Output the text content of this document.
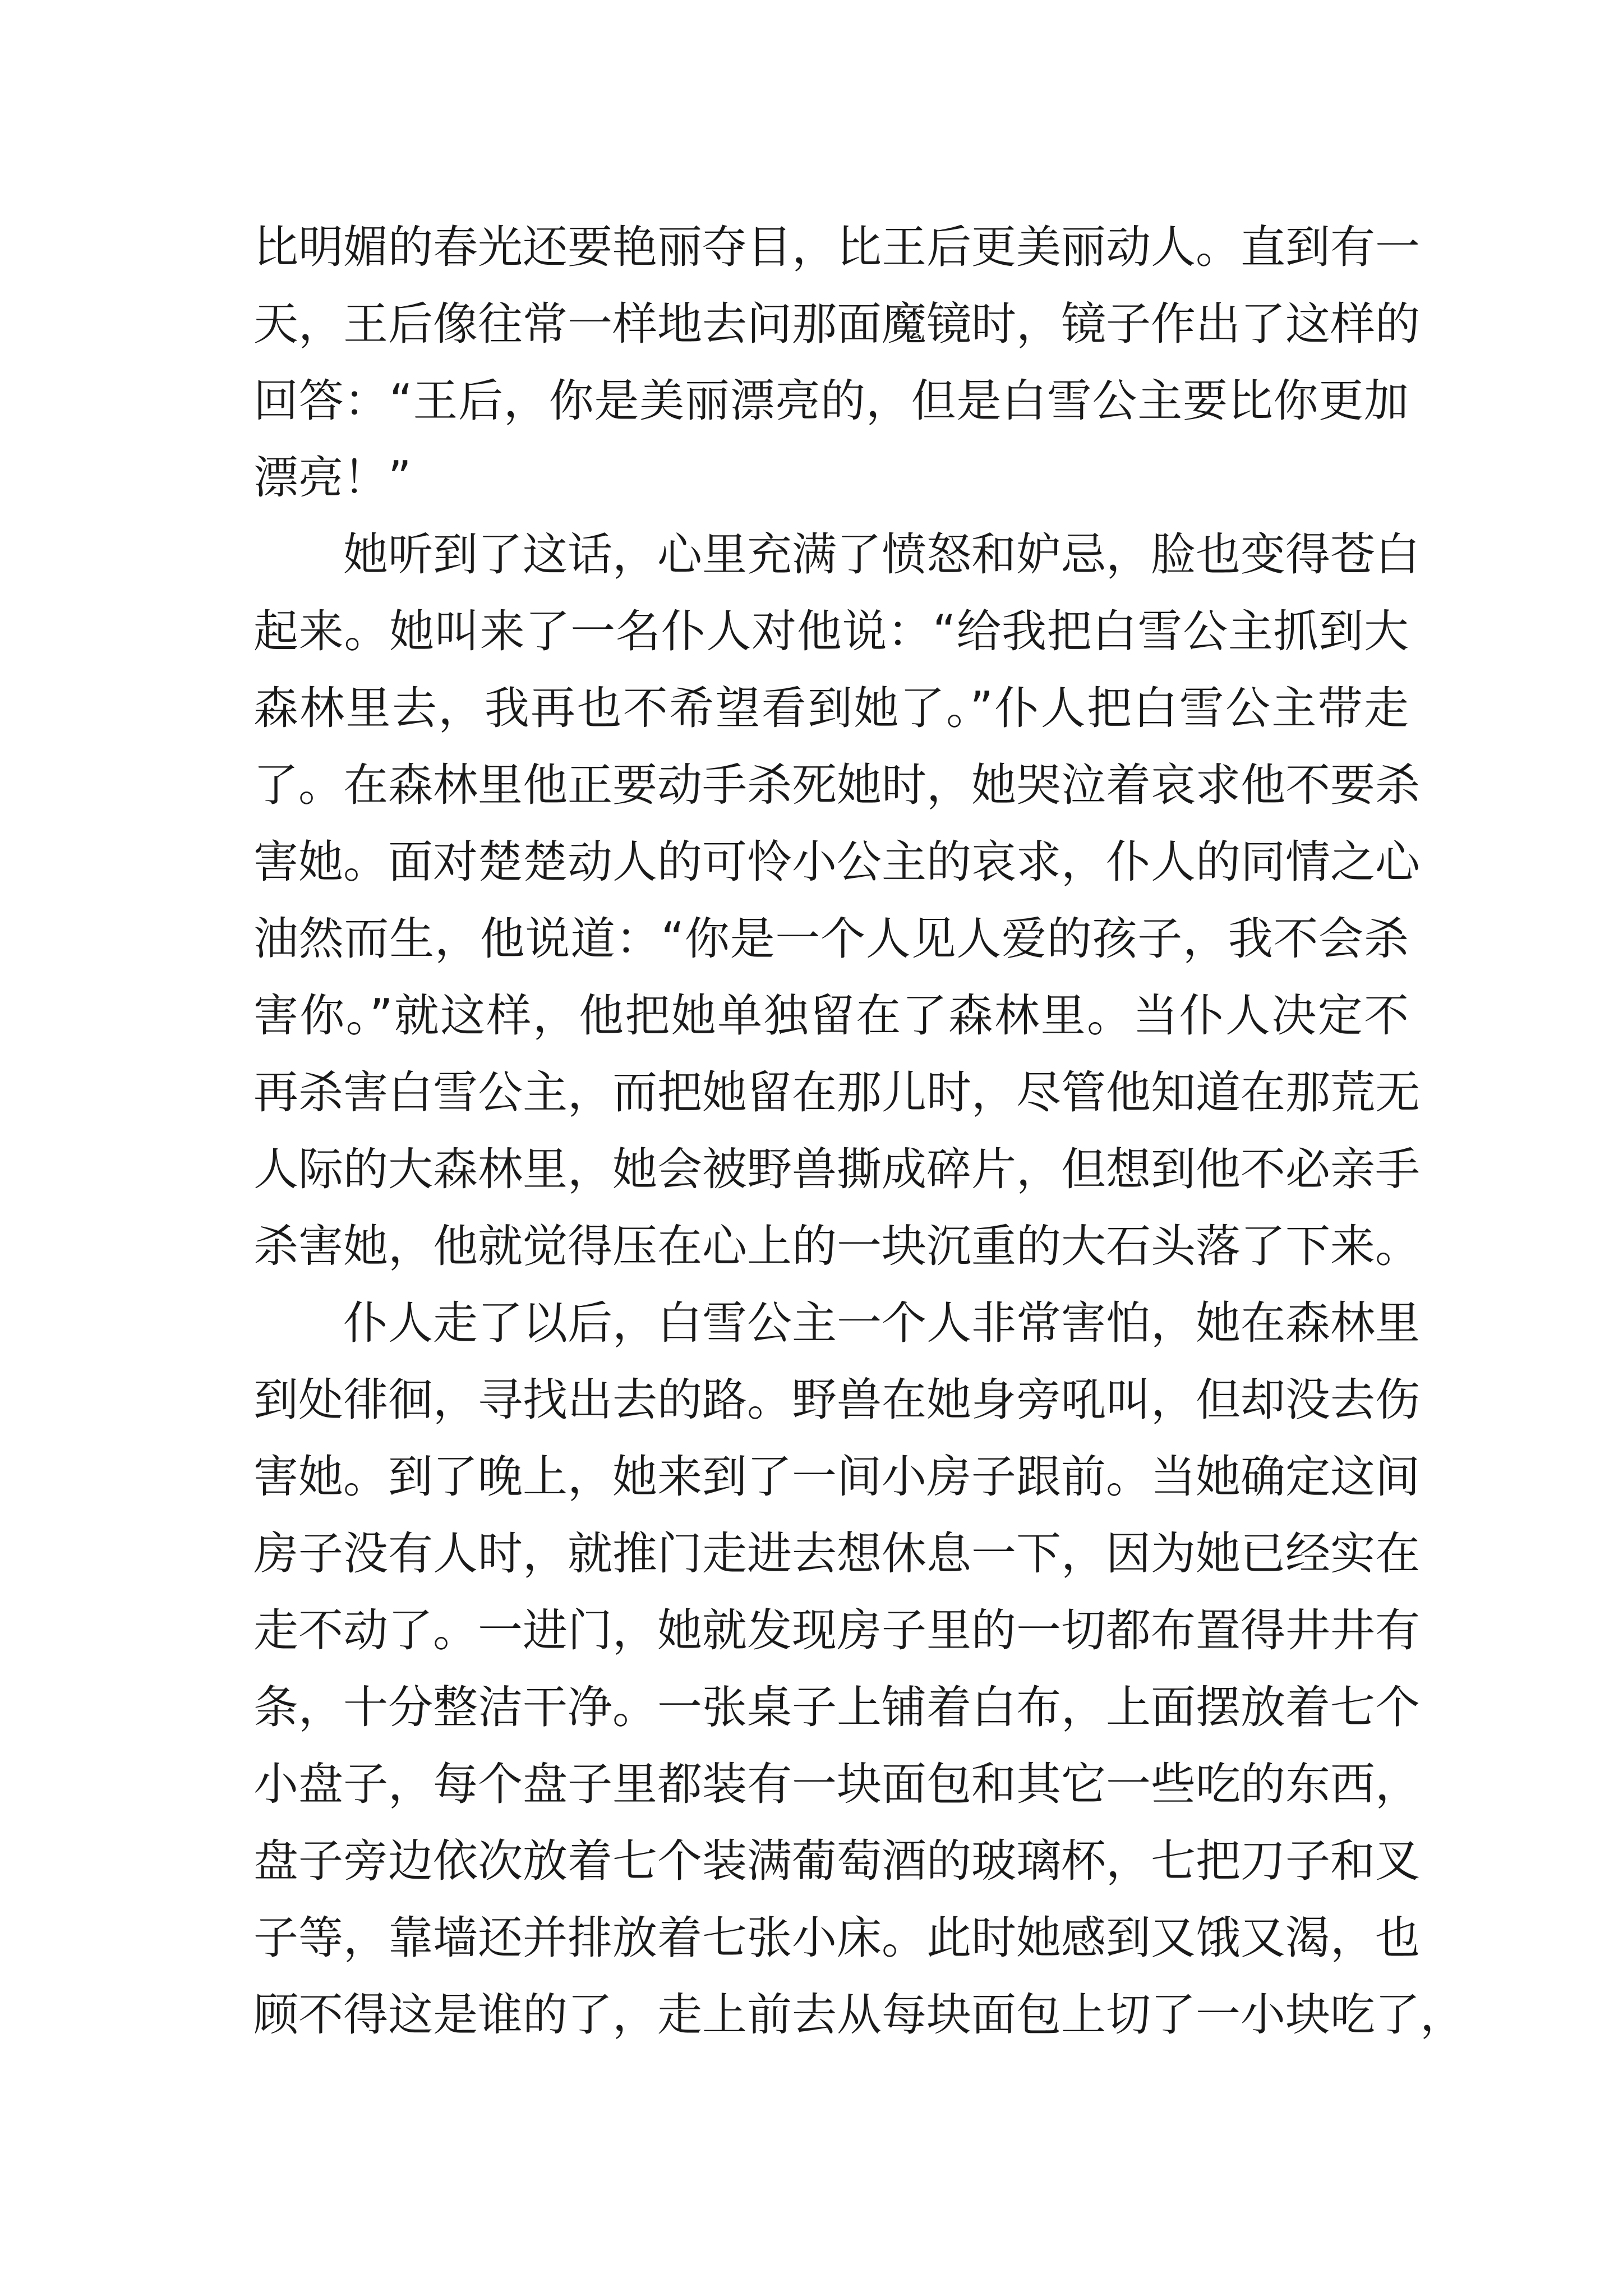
比明媚的春光还要艳丽夺目，比王后更美丽动人。直到有一
天，王后像往常一样地去问那面魔镜时，镜子作出了这样的
回答：“王后，你是美丽漂亮的，但是白雪公主要比你更加
漂亮！”
她听到了这话，心里充满了愤怒和妒忌，脸也变得苍白
起来。她叫来了一名仆人对他说：“给我把白雪公主抓到大
森林里去，我再也不希望看到她了。”仆人把白雪公主带走
了。在森林里他正要动手杀死她时，她哭泣着哀求他不要杀
害她。面对楚楚动人的可怜小公主的哀求，仆人的同情之心
油然而生，他说道：“你是一个人见人爱的孩子，我不会杀
害你。”就这样，他把她单独留在了森林里。当仆人决定不
再杀害白雪公主，而把她留在那儿时，尽管他知道在那荒无
人际的大森林里，她会被野兽撕成碎片，但想到他不必亲手
杀害她，他就觉得压在心上的一块沉重的大石头落了下来。
仆人走了以后，白雪公主一个人非常害怕，她在森林里
到处徘徊，寻找出去的路。野兽在她身旁吼叫，但却没去伤
害她。到了晚上，她来到了一间小房子跟前。当她确定这间
房子没有人时，就推门走进去想休息一下，因为她已经实在
走不动了。一进门，她就发现房子里的一切都布置得井井有
条，十分整洁干净。一张桌子上铺着白布，上面摆放着七个
小盘子，每个盘子里都装有一块面包和其它一些吃的东西，
盘子旁边依次放着七个装满葡萄酒的玻璃杯，七把刀子和叉
子等，靠墙还并排放着七张小床。此时她感到又饿又渴，也
顾不得这是谁的了，走上前去从每块面包上切了一小块吃了，
